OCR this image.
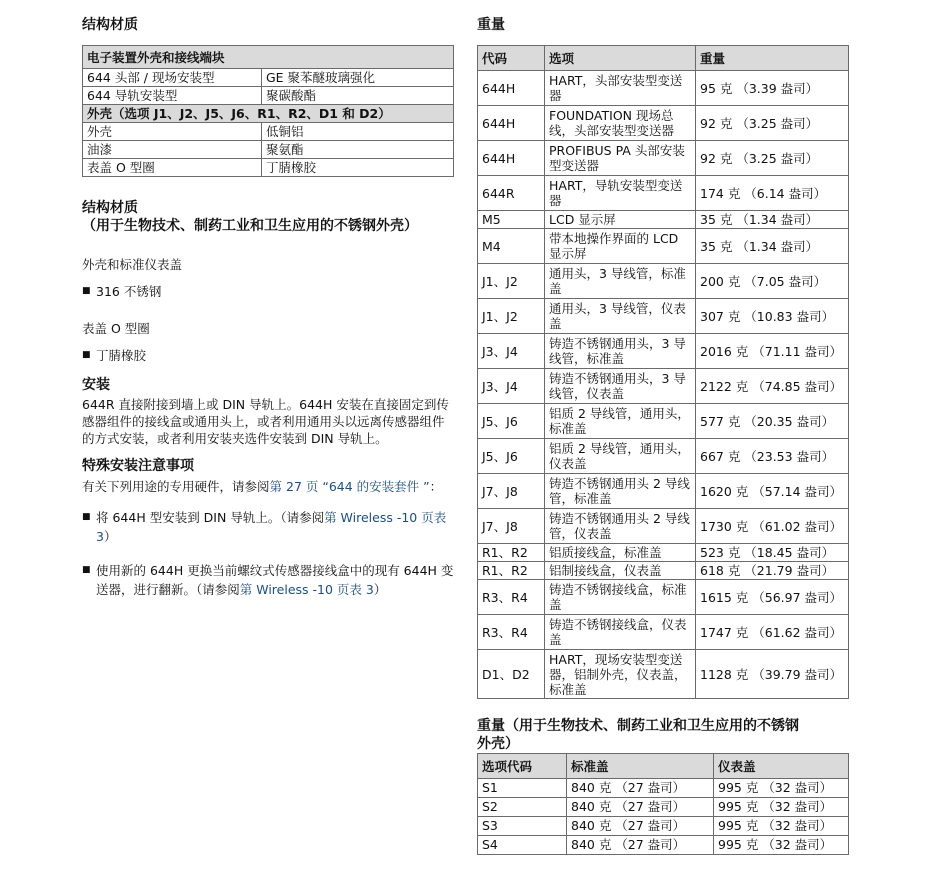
结构材质
电子装置外壳和接线端块	
644 头部 / 现场安装型	GE 聚苯醚玻璃强化
644 导轨安装型	聚碳酸酯
外壳（选项 J1、J2、J5、J6、R1、R2、D1 和 D2）	
外壳	低铜铝
油漆	聚氨酯
表盖 O 型圈	丁腈橡胶
结构材质
（用于生物技术、制药工业和卫生应用的不锈钢外壳）
外壳和标准仪表盖
■ 316 不锈钢
表盖 O 型圈
■ 丁腈橡胶
安装
644R 直接附接到墙上或 DIN 导轨上。644H 安装在直接固定到传感器组件的接线盒或通用头上，或者利用通用头以远离传感器组件的方式安装，或者利用安装夹选件安装到 DIN 导轨上。
特殊安装注意事项
有关下列用途的专用硬件，请参阅第 27 页 “644 的安装套件 ”：
■ 将 644H 型安装到 DIN 导轨上。（请参阅第 Wireless -10 页表 3）
■ 使用新的 644H 更换当前螺纹式传感器接线盒中的现有 644H 变送器，进行翻新。（请参阅第 Wireless -10 页表 3）
重量
代码	选项	重量
644H	HART，头部安装型变送器	95 克 （3.39 盎司）
644H	FOUNDATION 现场总线，头部安装型变送器	92 克 （3.25 盎司）
644H	PROFIBUS PA 头部安装型变送器	92 克 （3.25 盎司）
644R	HART，导轨安装型变送器	174 克 （6.14 盎司）
M5	LCD 显示屏	35 克 （1.34 盎司）
M4	带本地操作界面的 LCD 显示屏	35 克 （1.34 盎司）
J1、J2	通用头，3 导线管，标准盖	200 克 （7.05 盎司）
J1、J2	通用头，3 导线管，仪表盖	307 克 （10.83 盎司）
J3、J4	铸造不锈钢通用头，3 导线管，标准盖	2016 克 （71.11 盎司）
J3、J4	铸造不锈钢通用头，3 导线管，仪表盖	2122 克 （74.85 盎司）
J5、J6	铝质 2 导线管，通用头，标准盖	577 克 （20.35 盎司）
J5、J6	铝质 2 导线管，通用头，仪表盖	667 克 （23.53 盎司）
J7、J8	铸造不锈钢通用头 2 导线管，标准盖	1620 克 （57.14 盎司）
J7、J8	铸造不锈钢通用头 2 导线管，仪表盖	1730 克 （61.02 盎司）
R1、R2	铝质接线盒，标准盖	523 克 （18.45 盎司）
R1、R2	铝制接线盒，仪表盖	618 克 （21.79 盎司）
R3、R4	铸造不锈钢接线盒，标准盖	1615 克 （56.97 盎司）
R3、R4	铸造不锈钢接线盒，仪表盖	1747 克 （61.62 盎司）
D1、D2	HART，现场安装型变送器，铝制外壳，仪表盖，标准盖	1128 克 （39.79 盎司）
重量（用于生物技术、制药工业和卫生应用的不锈钢
外壳）
选项代码	标准盖	仪表盖
S1	840 克 （27 盎司）	995 克 （32 盎司）
S2	840 克 （27 盎司）	995 克 （32 盎司）
S3	840 克 （27 盎司）	995 克 （32 盎司）
S4	840 克 （27 盎司）	995 克 （32 盎司）
